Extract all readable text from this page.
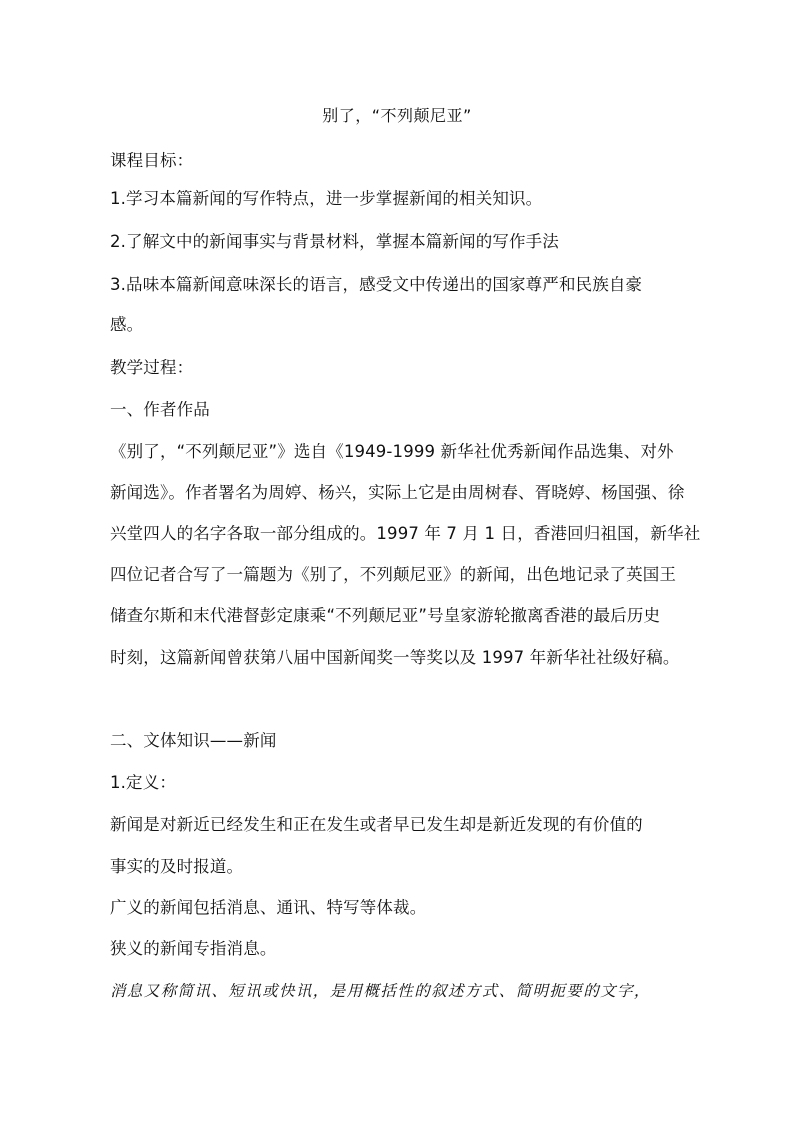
别了，“不列颠尼亚”
课程目标：
1.学习本篇新闻的写作特点，进一步掌握新闻的相关知识。
2.了解文中的新闻事实与背景材料，掌握本篇新闻的写作手法
3.品味本篇新闻意味深长的语言，感受文中传递出的国家尊严和民族自豪
感。
教学过程：
一、作者作品
《别了，“不列颠尼亚”》选自《1949-1999 新华社优秀新闻作品选集、对外
新闻选》。作者署名为周婷、杨兴，实际上它是由周树春、胥晓婷、杨国强、徐
兴堂四人的名字各取一部分组成的。1997 年 7 月 1 日，香港回归祖国，新华社
四位记者合写了一篇题为《别了，不列颠尼亚》的新闻，出色地记录了英国王
储查尔斯和末代港督彭定康乘“不列颠尼亚”号皇家游轮撤离香港的最后历史
时刻，这篇新闻曾获第八届中国新闻奖一等奖以及 1997 年新华社社级好稿。
二、文体知识——新闻
1.定义：
新闻是对新近已经发生和正在发生或者早已发生却是新近发现的有价值的
事实的及时报道。
广义的新闻包括消息、通讯、特写等体裁。
狭义的新闻专指消息。
消息又称简讯、短讯或快讯，是用概括性的叙述方式、简明扼要的文字，
